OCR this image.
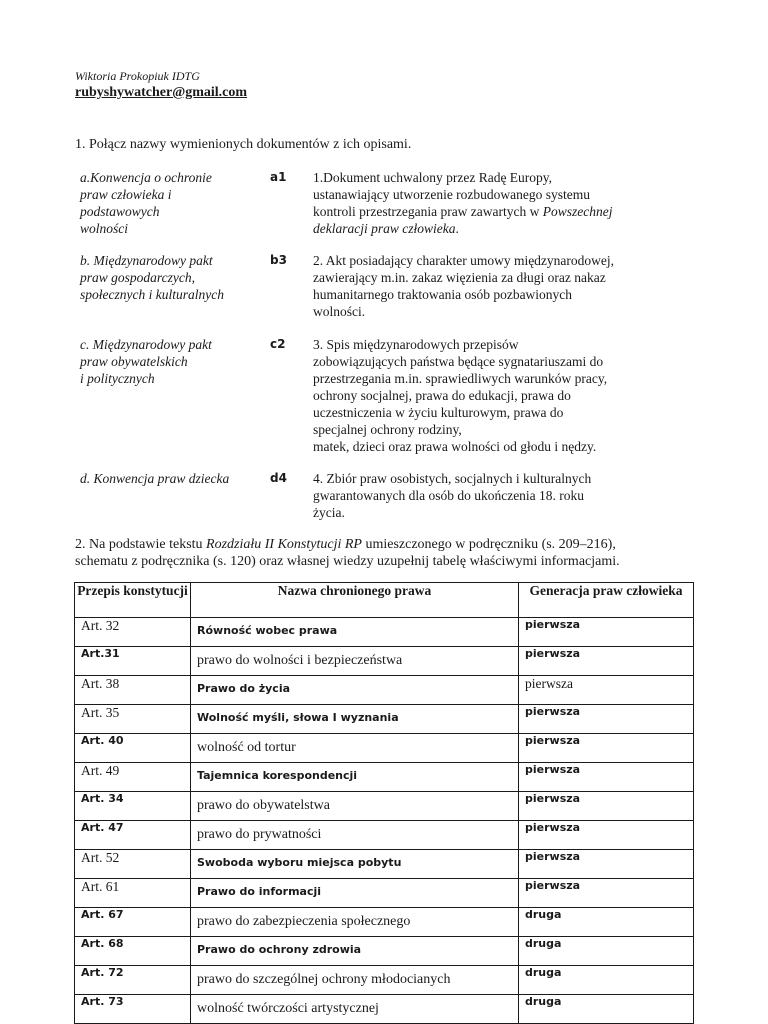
Wiktoria Prokopiuk IDTG
rubyshywatcher@gmail.com
1. Połącz nazwy wymienionych dokumentów z ich opisami.
a.Konwencja o ochronie
praw człowieka i
podstawowych
wolności
a1 1.Dokument uchwalony przez Radę Europy,
ustanawiający utworzenie rozbudowanego systemu
kontroli przestrzegania praw zawartych w Powszechnej
deklaracji praw człowieka.
b. Międzynarodowy pakt
praw gospodarczych,
społecznych i kulturalnych
b3 2. Akt posiadający charakter umowy międzynarodowej,
zawierający m.in. zakaz więzienia za długi oraz nakaz
humanitarnego traktowania osób pozbawionych
wolności.
c. Międzynarodowy pakt
praw obywatelskich
i politycznych
c2 3. Spis międzynarodowych przepisów
zobowiązujących państwa będące sygnatariuszami do
przestrzegania m.in. sprawiedliwych warunków pracy,
ochrony socjalnej, prawa do edukacji, prawa do
uczestniczenia w życiu kulturowym, prawa do
specjalnej ochrony rodziny,
matek, dzieci oraz prawa wolności od głodu i nędzy.
d. Konwencja praw dziecka	d4 4. Zbiór praw osobistych, socjalnych i kulturalnych
gwarantowanych dla osób do ukończenia 18. roku
życia.
2. Na podstawie tekstu Rozdziału II Konstytucji RP umieszczonego w podręczniku (s. 209–216),
schematu z podręcznika (s. 120) oraz własnej wiedzy uzupełnij tabelę właściwymi informacjami.
Przepis konstytucji	Nazwa chronionego prawa	Generacja praw człowieka
Art. 32	Równość wobec prawa	pierwsza
Art.31	prawo do wolności i bezpieczeństwa	pierwsza
Art. 38	Prawo do życia	pierwsza
Art. 35	Wolność myśli, słowa I wyznania	pierwsza
Art. 40	wolność od tortur	pierwsza
Art. 49	Tajemnica korespondencji	pierwsza
Art. 34	prawo do obywatelstwa	pierwsza
Art. 47	prawo do prywatności	pierwsza
Art. 52	Swoboda wyboru miejsca pobytu	pierwsza
Art. 61	Prawo do informacji	pierwsza
Art. 67	prawo do zabezpieczenia społecznego	druga
Art. 68	Prawo do ochrony zdrowia	druga
Art. 72	prawo do szczególnej ochrony młodocianych	druga
Art. 73	wolność twórczości artystycznej	druga
